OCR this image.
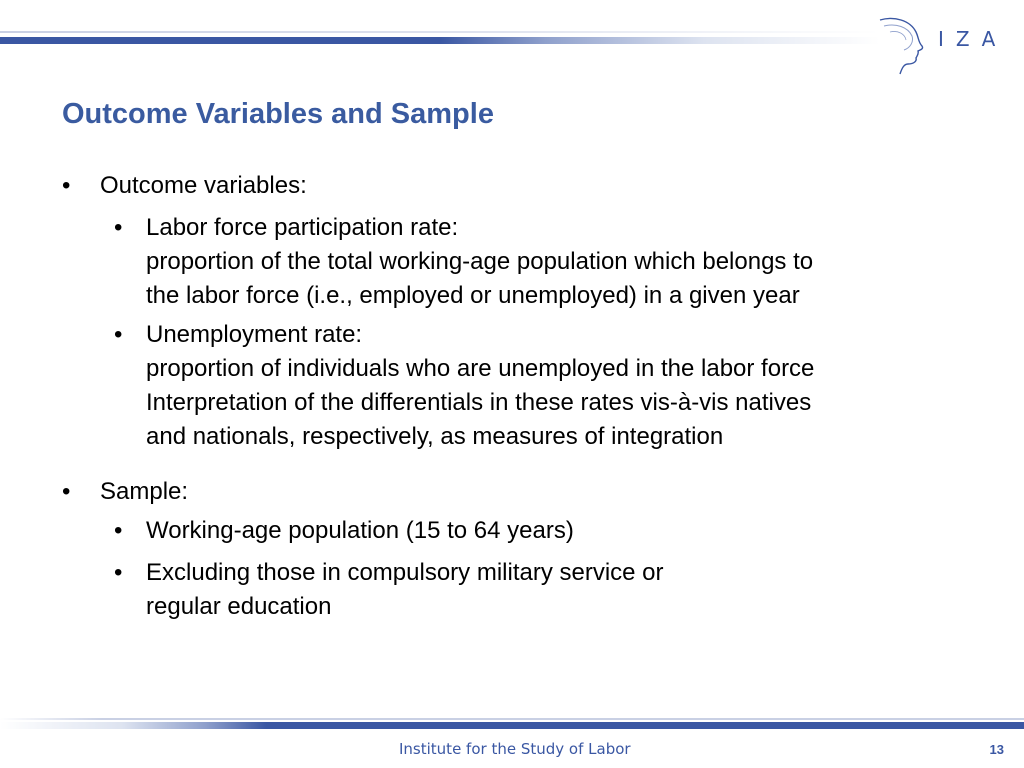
IZA
Outcome Variables and Sample
•	Outcome variables:
• Labor force participation rate:
proportion of the total working-age population which belongs to
the labor force (i.e., employed or unemployed) in a given year
• Unemployment rate:
proportion of individuals who are unemployed in the labor force
Interpretation of the differentials in these rates vis-à-vis natives
and nationals, respectively, as measures of integration
•	Sample:
• Working-age population (15 to 64 years)
• Excluding those in compulsory military service or
regular education
Institute for the Study of Labor	13
